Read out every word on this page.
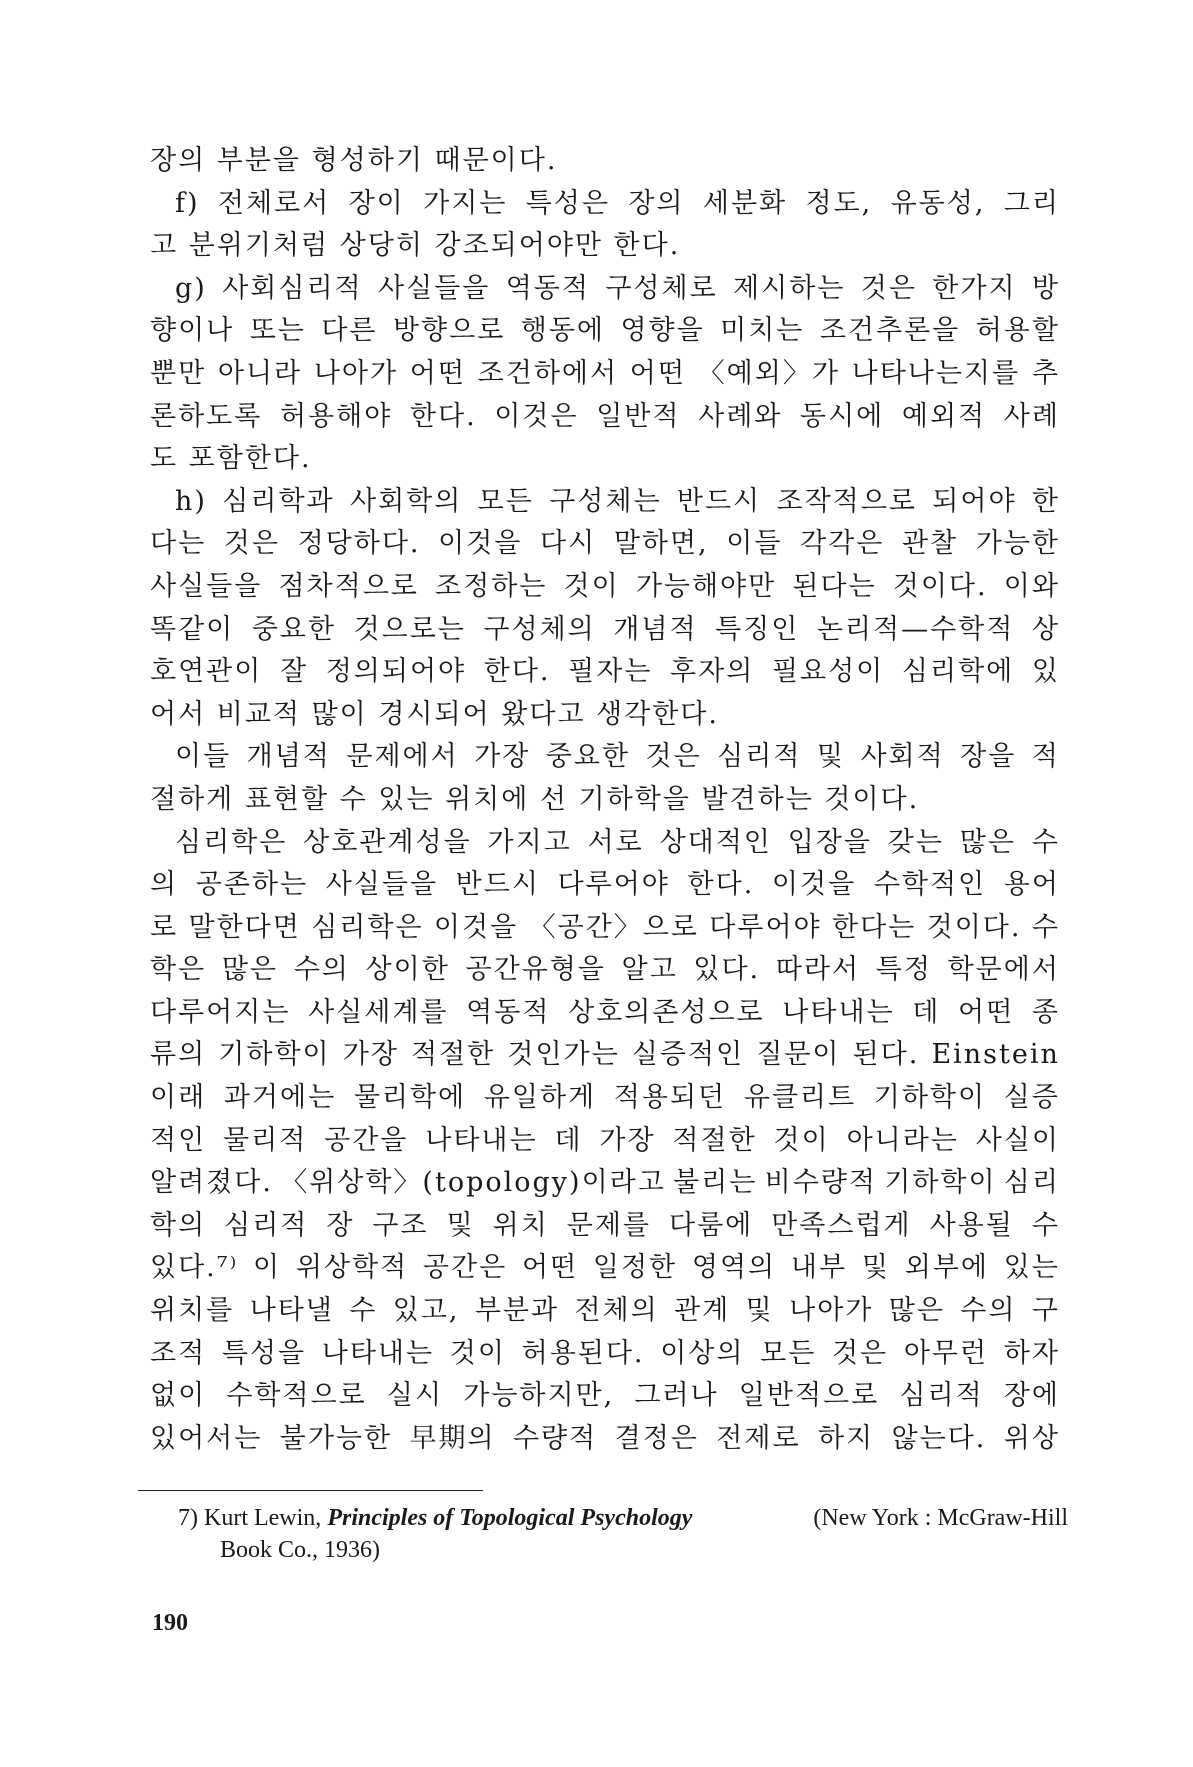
장의 부분을 형성하기 때문이다.
f) 전체로서 장이 가지는 특성은 장의 세분화 정도, 유동성, 그리
고 분위기처럼 상당히 강조되어야만 한다.
g) 사회심리적 사실들을 역동적 구성체로 제시하는 것은 한가지 방
향이나 또는 다른 방향으로 행동에 영향을 미치는 조건추론을 허용할
뿐만 아니라 나아가 어떤 조건하에서 어떤 〈예외〉가 나타나는지를 추
론하도록 허용해야 한다. 이것은 일반적 사례와 동시에 예외적 사례
도 포함한다.
h) 심리학과 사회학의 모든 구성체는 반드시 조작적으로 되어야 한
다는 것은 정당하다. 이것을 다시 말하면, 이들 각각은 관찰 가능한
사실들을 점차적으로 조정하는 것이 가능해야만 된다는 것이다. 이와
똑같이 중요한 것으로는 구성체의 개념적 특징인 논리적—수학적 상
호연관이 잘 정의되어야 한다. 필자는 후자의 필요성이 심리학에 있
어서 비교적 많이 경시되어 왔다고 생각한다.
이들 개념적 문제에서 가장 중요한 것은 심리적 및 사회적 장을 적
절하게 표현할 수 있는 위치에 선 기하학을 발견하는 것이다.
심리학은 상호관계성을 가지고 서로 상대적인 입장을 갖는 많은 수
의 공존하는 사실들을 반드시 다루어야 한다. 이것을 수학적인 용어
로 말한다면 심리학은 이것을 〈공간〉으로 다루어야 한다는 것이다. 수
학은 많은 수의 상이한 공간유형을 알고 있다. 따라서 특정 학문에서
다루어지는 사실세계를 역동적 상호의존성으로 나타내는 데 어떤 종
류의 기하학이 가장 적절한 것인가는 실증적인 질문이 된다. Einstein
이래 과거에는 물리학에 유일하게 적용되던 유클리트 기하학이 실증
적인 물리적 공간을 나타내는 데 가장 적절한 것이 아니라는 사실이
알려졌다. 〈위상학〉(topology)이라고 불리는 비수량적 기하학이 심리
학의 심리적 장 구조 및 위치 문제를 다룸에 만족스럽게 사용될 수
있다.⁷⁾ 이 위상학적 공간은 어떤 일정한 영역의 내부 및 외부에 있는
위치를 나타낼 수 있고, 부분과 전체의 관계 및 나아가 많은 수의 구
조적 특성을 나타내는 것이 허용된다. 이상의 모든 것은 아무런 하자
없이 수학적으로 실시 가능하지만, 그러나 일반적으로 심리적 장에
있어서는 불가능한 早期의 수량적 결정은 전제로 하지 않는다. 위상
7) Kurt Lewin, Principles of Topological Psychology	(New York : McGraw-Hill
Book Co., 1936)
190
